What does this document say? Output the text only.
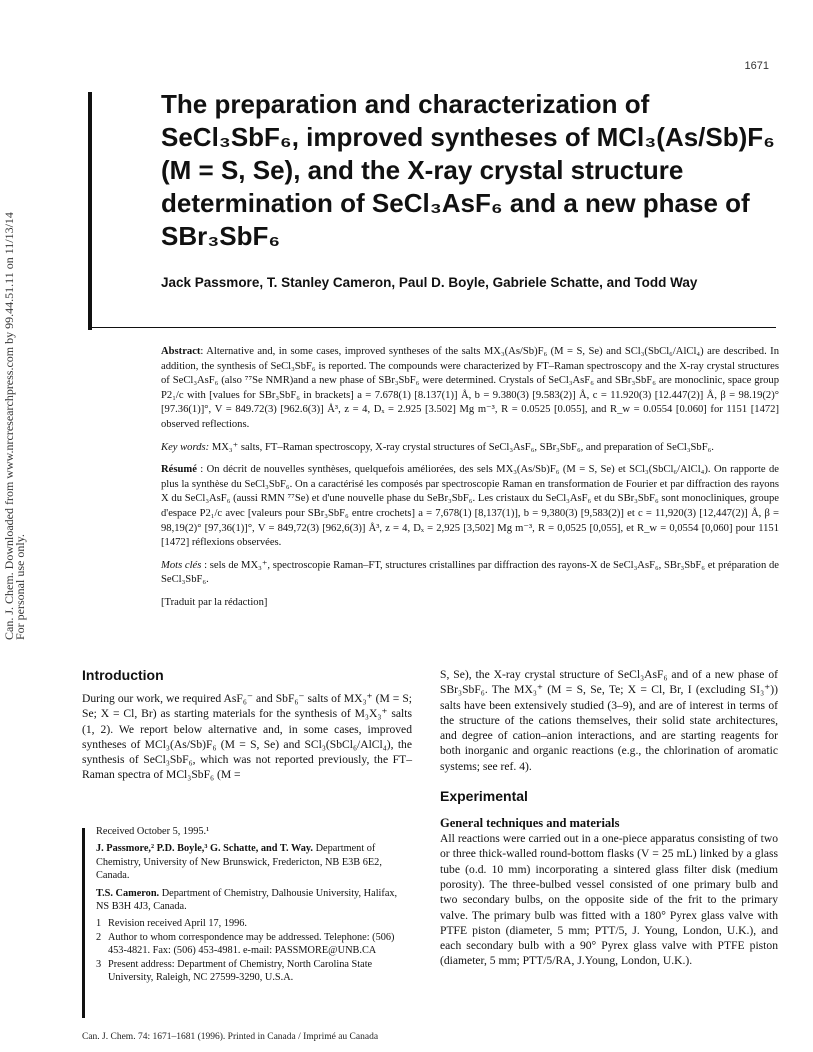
Can. J. Chem. Downloaded from www.nrcresearchpress.com by 99.44.51.11 on 11/13/14
For personal use only.
1671
The preparation and characterization of SeCl₃SbF₆, improved syntheses of MCl₃(As/Sb)F₆ (M = S, Se), and the X-ray crystal structure determination of SeCl₃AsF₆ and a new phase of SBr₃SbF₆

Jack Passmore, T. Stanley Cameron, Paul D. Boyle, Gabriele Schatte, and Todd Way

Abstract: Alternative and, in some cases, improved syntheses of the salts MX₃(As/Sb)F₆ (M = S, Se) and SCl₃(SbCl₆/AlCl₄) are described. In addition, the synthesis of SeCl₃SbF₆ is reported. The compounds were characterized by FT–Raman spectroscopy and the X-ray crystal structures of SeCl₃AsF₆ (also ⁷⁷Se NMR)and a new phase of SBr₃SbF₆ were determined. Crystals of SeCl₃AsF₆ and SBr₃SbF₆ are monoclinic, space group P2₁/c with [values for SBr₃SbF₆ in brackets] a = 7.678(1) [8.137(1)] Å, b = 9.380(3) [9.583(2)] Å, c = 11.920(3) [12.447(2)] Å, β = 98.19(2)° [97.36(1)]°, V = 849.72(3) [962.6(3)] Å³, z = 4, Dₓ = 2.925 [3.502] Mg m⁻³, R = 0.0525 [0.055], and R_w = 0.0554 [0.060] for 1151 [1472] observed reflections.

Key words: MX₃⁺ salts, FT–Raman spectroscopy, X-ray crystal structures of SeCl₃AsF₆, SBr₃SbF₆, and preparation of SeCl₃SbF₆.

Résumé : On décrit de nouvelles synthèses, quelquefois améliorées, des sels MX₃(As/Sb)F₆ (M = S, Se) et SCl₃(SbCl₆/AlCl₄). On rapporte de plus la synthèse du SeCl₃SbF₆. On a caractérisé les composés par spectroscopie Raman en transformation de Fourier et par diffraction des rayons X du SeCl₃AsF₆ (aussi RMN ⁷⁷Se) et d'une nouvelle phase du SeBr₃SbF₆. Les cristaux du SeCl₃AsF₆ et du SBr₃SbF₆ sont monocliniques, groupe d'espace P2₁/c avec [valeurs pour SBr₃SbF₆ entre crochets] a = 7,678(1) [8,137(1)], b = 9,380(3) [9,583(2)] et c = 11,920(3) [12,447(2)] Å, β = 98,19(2)° [97,36(1)]°, V = 849,72(3) [962,6(3)] Å³, z = 4, Dₓ = 2,925 [3,502] Mg m⁻³, R = 0,0525 [0,055], et R_w = 0,0554 [0,060] pour 1151 [1472] réflexions observées.

Mots clés : sels de MX₃⁺, spectroscopie Raman–FT, structures cristallines par diffraction des rayons-X de SeCl₃AsF₆, SBr₃SbF₆ et préparation de SeCl₃SbF₆.

[Traduit par la rédaction]

Introduction

During our work, we required AsF₆⁻ and SbF₆⁻ salts of MX₃⁺ (M = S; Se; X = Cl, Br) as starting materials for the synthesis of M₃X₃⁺ salts (1, 2). We report below alternative and, in some cases, improved syntheses of MCl₃(As/Sb)F₆ (M = S, Se) and SCl₃(SbCl₆/AlCl₄), the synthesis of SeCl₃SbF₆, which was not reported previously, the FT–Raman spectra of MCl₃SbF₆ (M =

Received October 5, 1995.¹

J. Passmore,² P.D. Boyle,³ G. Schatte, and T. Way. Department of Chemistry, University of New Brunswick, Fredericton, NB E3B 6E2, Canada.

T.S. Cameron. Department of Chemistry, Dalhousie University, Halifax, NS B3H 4J3, Canada.

1 Revision received April 17, 1996.
2 Author to whom correspondence may be addressed. Telephone: (506) 453-4821. Fax: (506) 453-4981. e-mail: PASSMORE@UNB.CA
3 Present address: Department of Chemistry, North Carolina State University, Raleigh, NC 27599-3290, U.S.A.

S, Se), the X-ray crystal structure of SeCl₃AsF₆ and of a new phase of SBr₃SbF₆. The MX₃⁺ (M = S, Se, Te; X = Cl, Br, I (excluding SI₃⁺)) salts have been extensively studied (3–9), and are of interest in terms of the structure of the cations themselves, their solid state architectures, and degree of cation–anion interactions, and are starting reagents for both inorganic and organic reactions (e.g., the chlorination of aromatic systems; see ref. 4).

Experimental
General techniques and materials

All reactions were carried out in a one-piece apparatus consisting of two or three thick-walled round-bottom flasks (V = 25 mL) linked by a glass tube (o.d. 10 mm) incorporating a sintered glass filter disk (medium porosity). The three-bulbed vessel consisted of one primary bulb and two secondary bulbs, on the opposite side of the frit to the primary valve. The primary bulb was fitted with a 180° Pyrex glass valve with PTFE piston (diameter, 5 mm; PTT/5, J. Young, London, U.K.), and each secondary bulb with a 90° Pyrex glass valve with PTFE piston (diameter, 5 mm; PTT/5/RA, J.Young, London, U.K.).

Can. J. Chem. 74: 1671–1681 (1996). Printed in Canada / Imprimé au Canada
